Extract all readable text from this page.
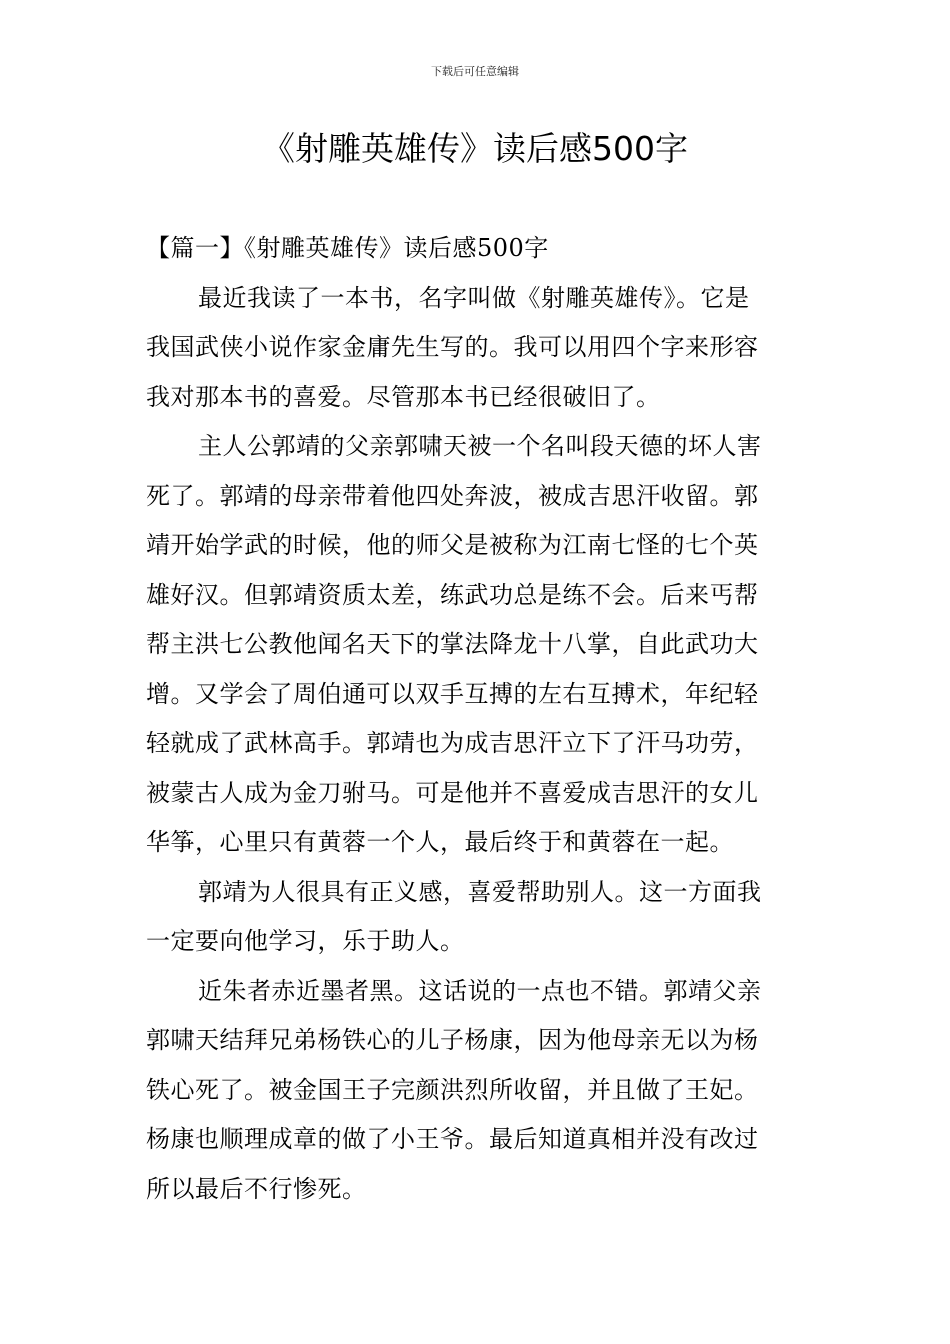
下载后可任意编辑
《射雕英雄传》读后感500字

【篇一】《射雕英雄传》读后感500字

最近我读了一本书，名字叫做《射雕英雄传》。它是
我国武侠小说作家金庸先生写的。我可以用四个字来形容
我对那本书的喜爱。尽管那本书已经很破旧了。

主人公郭靖的父亲郭啸天被一个名叫段天德的坏人害
死了。郭靖的母亲带着他四处奔波，被成吉思汗收留。郭
靖开始学武的时候，他的师父是被称为江南七怪的七个英
雄好汉。但郭靖资质太差，练武功总是练不会。后来丐帮
帮主洪七公教他闻名天下的掌法降龙十八掌，自此武功大
增。又学会了周伯通可以双手互搏的左右互搏术，年纪轻
轻就成了武林高手。郭靖也为成吉思汗立下了汗马功劳，
被蒙古人成为金刀驸马。可是他并不喜爱成吉思汗的女儿
华筝，心里只有黄蓉一个人，最后终于和黄蓉在一起。

郭靖为人很具有正义感，喜爱帮助别人。这一方面我
一定要向他学习，乐于助人。

近朱者赤近墨者黑。这话说的一点也不错。郭靖父亲
郭啸天结拜兄弟杨铁心的儿子杨康，因为他母亲无以为杨
铁心死了。被金国王子完颜洪烈所收留，并且做了王妃。
杨康也顺理成章的做了小王爷。最后知道真相并没有改过
所以最后不行惨死。
